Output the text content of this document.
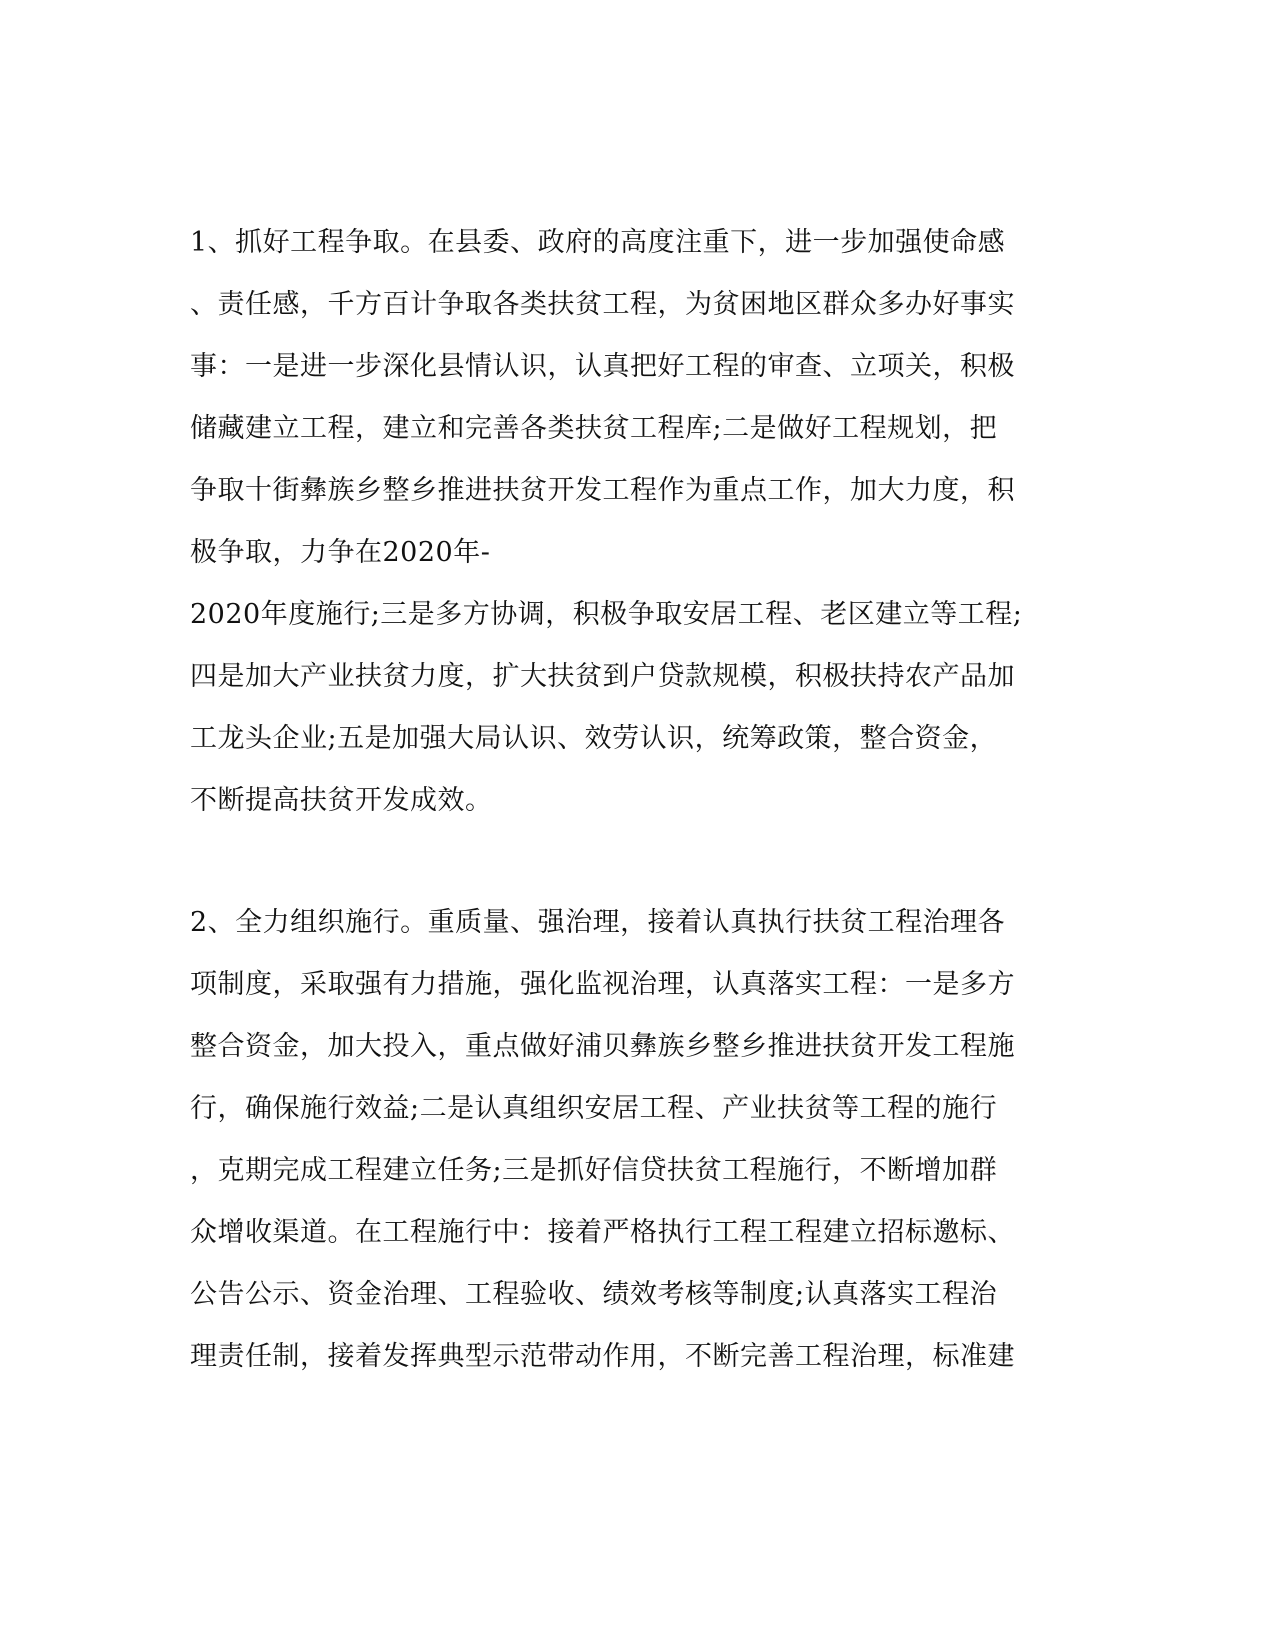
1、抓好工程争取。在县委、政府的高度注重下，进一步加强使命感
、责任感，千方百计争取各类扶贫工程，为贫困地区群众多办好事实
事：一是进一步深化县情认识，认真把好工程的审查、立项关，积极
储藏建立工程，建立和完善各类扶贫工程库;二是做好工程规划，把
争取十街彝族乡整乡推进扶贫开发工程作为重点工作，加大力度，积
极争取，力争在2020年-
2020年度施行;三是多方协调，积极争取安居工程、老区建立等工程;
四是加大产业扶贫力度，扩大扶贫到户贷款规模，积极扶持农产品加
工龙头企业;五是加强大局认识、效劳认识，统筹政策，整合资金，
不断提高扶贫开发成效。
2、全力组织施行。重质量、强治理，接着认真执行扶贫工程治理各
项制度，采取强有力措施，强化监视治理，认真落实工程：一是多方
整合资金，加大投入，重点做好浦贝彝族乡整乡推进扶贫开发工程施
行，确保施行效益;二是认真组织安居工程、产业扶贫等工程的施行
，克期完成工程建立任务;三是抓好信贷扶贫工程施行，不断增加群
众增收渠道。在工程施行中：接着严格执行工程工程建立招标邀标、
公告公示、资金治理、工程验收、绩效考核等制度;认真落实工程治
理责任制，接着发挥典型示范带动作用，不断完善工程治理，标准建
